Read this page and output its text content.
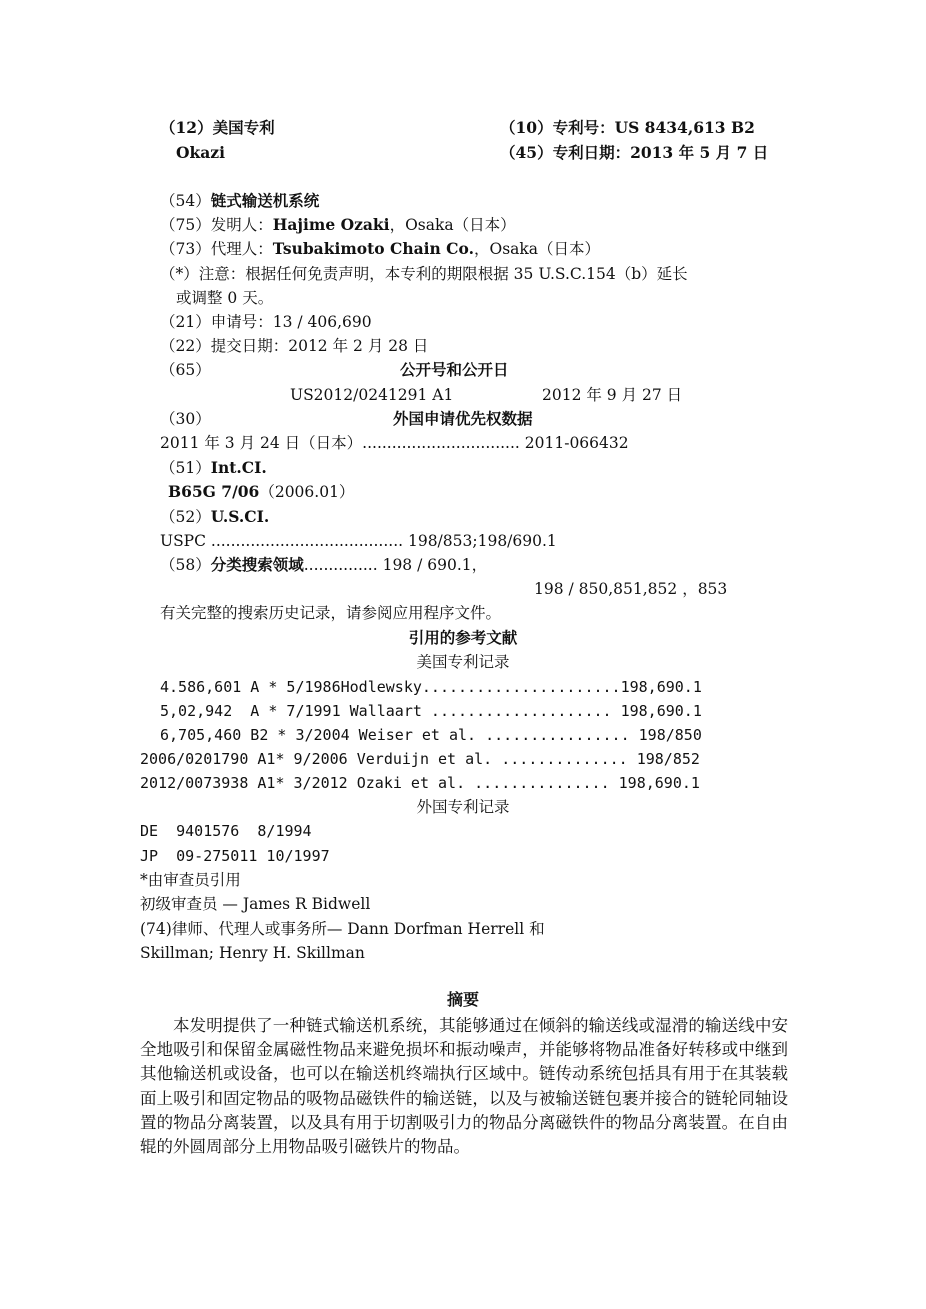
（12）美国专利
Okazi
（10）专利号：US 8434,613 B2
（45）专利日期：2013 年 5 月 7 日
（54）链式输送机系统
（75）发明人：Hajime Ozaki，Osaka（日本）
（73）代理人：Tsubakimoto Chain Co.，Osaka（日本）
（*）注意：根据任何免责声明，本专利的期限根据 35 U.S.C.154（b）延长
或调整 0 天。
（21）申请号：13 / 406,690
（22）提交日期：2012 年 2 月 28 日
（65）	公开号和公开日
US2012/0241291 A1	2012 年 9 月 27 日
（30）	外国申请优先权数据
2011 年 3 月 24 日（日本）................................ 2011-066432
（51）Int.CI.
B65G 7/06（2006.01）
（52）U.S.CI.
USPC ....................................... 198/853;198/690.1
（58）分类搜索领域............... 198 / 690.1，
198 / 850,851,852 ，853
有关完整的搜索历史记录，请参阅应用程序文件。
引用的参考文献
美国专利记录
4.586,601 A * 5/1986Hodlewsky......................198,690.1
5,02,942  A * 7/1991 Wallaart .................... 198,690.1
6,705,460 B2 * 3/2004 Weiser et al. ................ 198/850
2006/0201790 A1* 9/2006 Verduijn et al. .............. 198/852
2012/0073938 A1* 3/2012 Ozaki et al. ............... 198,690.1
外国专利记录
DE  9401576  8/1994
JP  09-275011 10/1997
*由审查员引用
初级审查员 — James R Bidwell
(74)律师、代理人或事务所— Dann Dorfman Herrell 和
Skillman; Henry H. Skillman
摘要
本发明提供了一种链式输送机系统，其能够通过在倾斜的输送线或湿滑的输送线中安全地吸引和保留金属磁性物品来避免损坏和振动噪声，并能够将物品准备好转移或中继到其他输送机或设备，也可以在输送机终端执行区域中。链传动系统包括具有用于在其装载面上吸引和固定物品的吸物品磁铁件的输送链，以及与被输送链包裹并接合的链轮同轴设置的物品分离装置，以及具有用于切割吸引力的物品分离磁铁件的物品分离装置。在自由辊的外圆周部分上用物品吸引磁铁片的物品。
